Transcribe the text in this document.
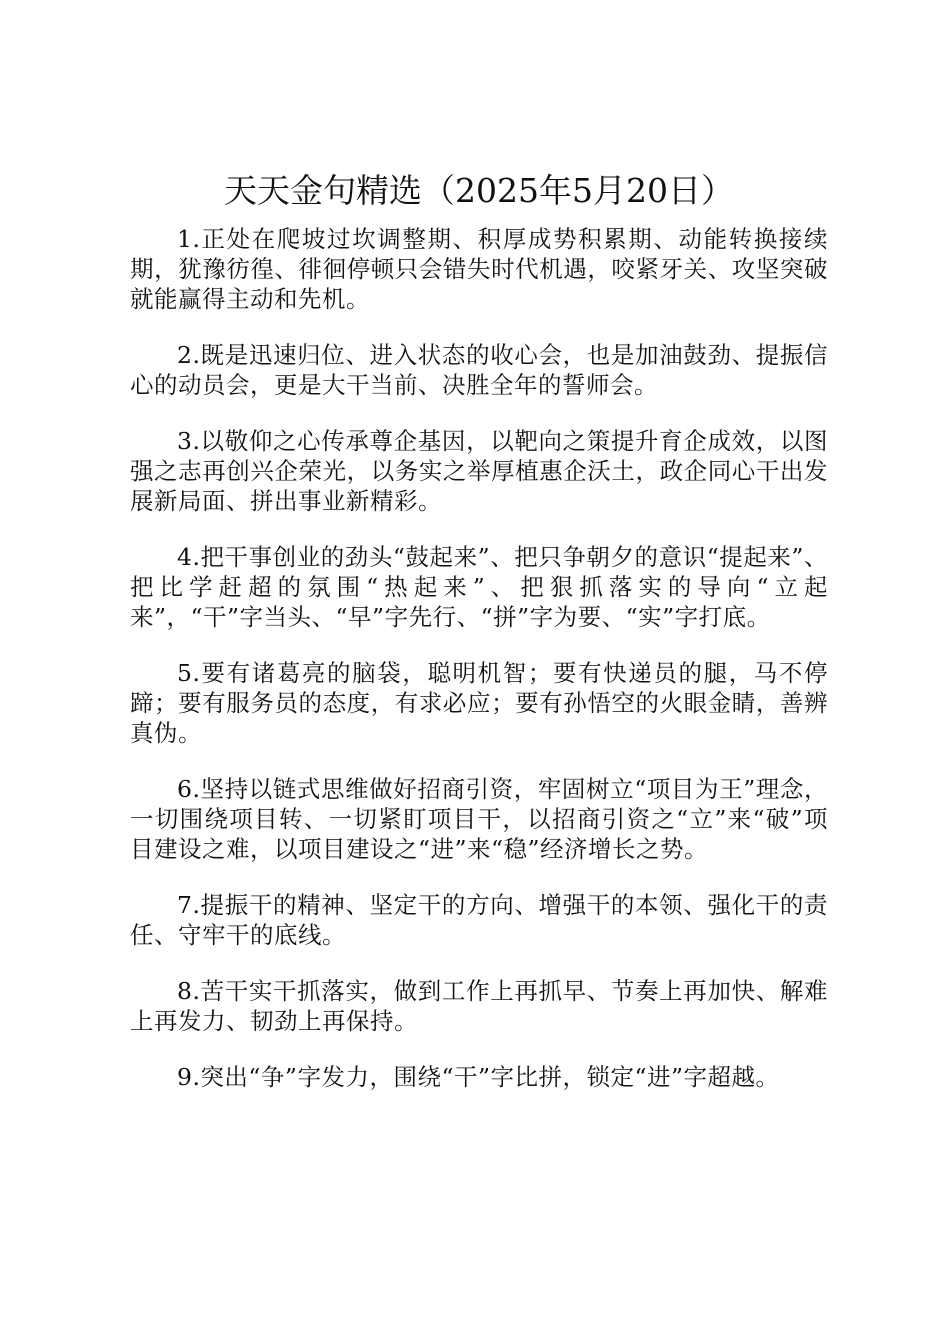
天天金句精选（2025年5月20日）

1.正处在爬坡过坎调整期、积厚成势积累期、动能转换接续期，犹豫彷徨、徘徊停顿只会错失时代机遇，咬紧牙关、攻坚突破就能赢得主动和先机。

2.既是迅速归位、进入状态的收心会，也是加油鼓劲、提振信心的动员会，更是大干当前、决胜全年的誓师会。

3.以敬仰之心传承尊企基因，以靶向之策提升育企成效，以图强之志再创兴企荣光，以务实之举厚植惠企沃土，政企同心干出发展新局面、拼出事业新精彩。

4.把干事创业的劲头“鼓起来”、把只争朝夕的意识“提起来”、把比学赶超的氛围“热起来”、把狠抓落实的导向“立起来”，“干”字当头、“早”字先行、“拼”字为要、“实”字打底。

5.要有诸葛亮的脑袋，聪明机智；要有快递员的腿，马不停蹄；要有服务员的态度，有求必应；要有孙悟空的火眼金睛，善辨真伪。

6.坚持以链式思维做好招商引资，牢固树立“项目为王”理念，一切围绕项目转、一切紧盯项目干，以招商引资之“立”来“破”项目建设之难，以项目建设之“进”来“稳”经济增长之势。

7.提振干的精神、坚定干的方向、增强干的本领、强化干的责任、守牢干的底线。

8.苦干实干抓落实，做到工作上再抓早、节奏上再加快、解难上再发力、韧劲上再保持。

9.突出“争”字发力，围绕“干”字比拼，锁定“进”字超越。
